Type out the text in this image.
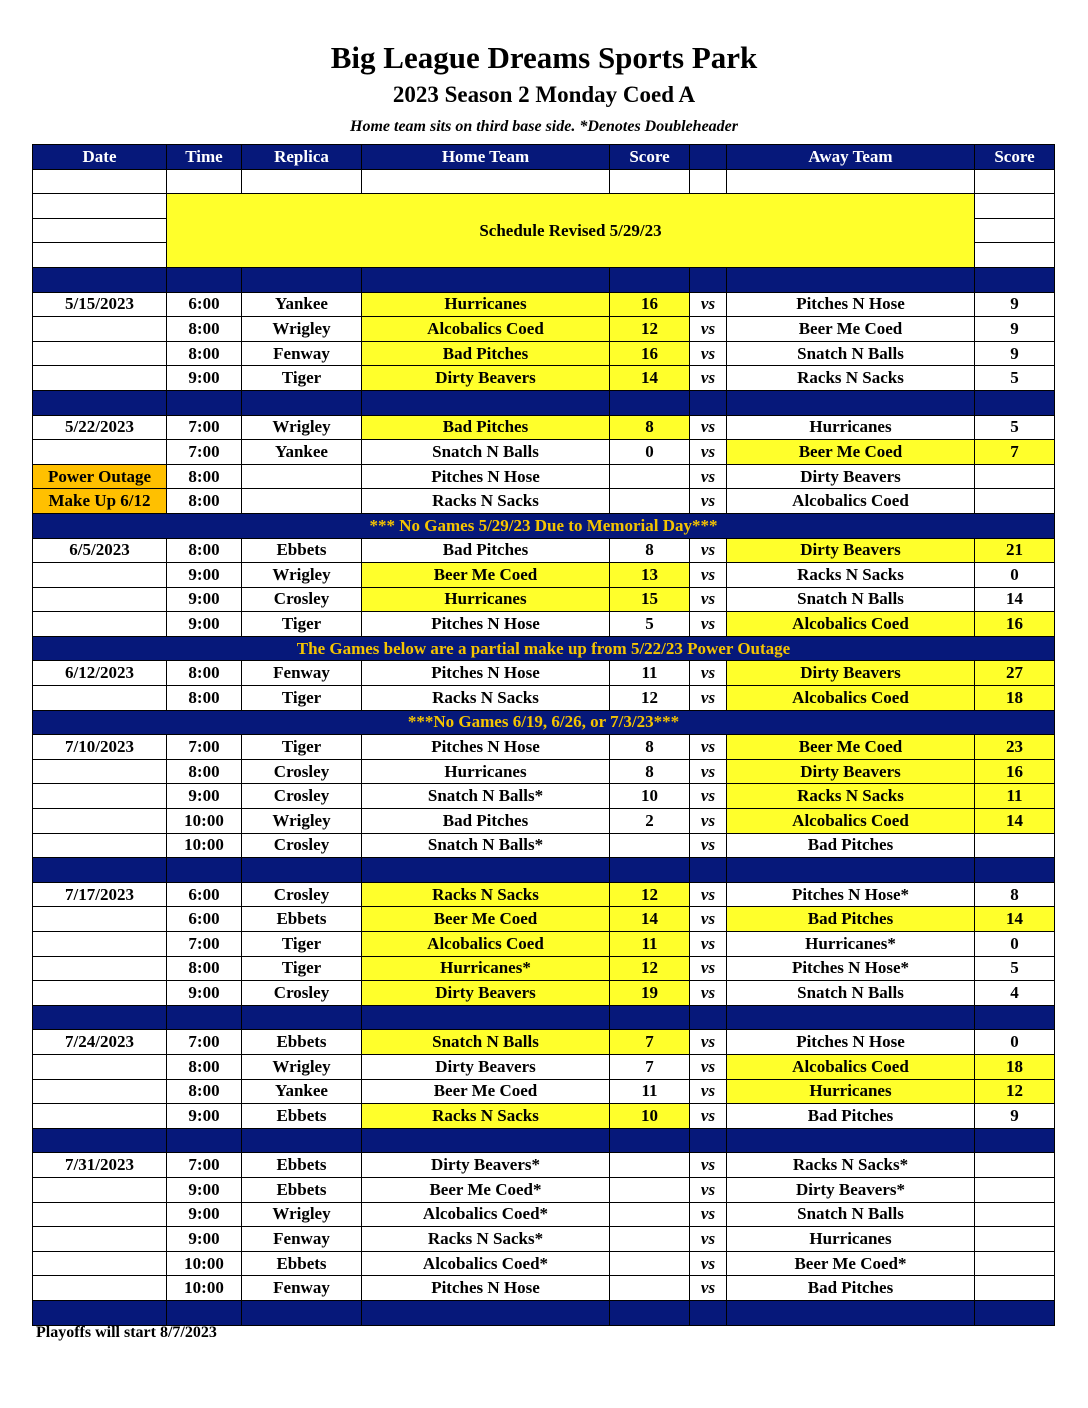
Big League Dreams Sports Park
2023 Season 2 Monday Coed A
Home team sits on third base side. *Denotes Doubleheader
Date	Time	Replica	Home Team	Score		Away Team	Score

	Schedule Revised 5/29/23						

5/15/2023	6:00	Yankee	Hurricanes	16	vs	Pitches N Hose	9
	8:00	Wrigley	Alcobalics Coed	12	vs	Beer Me Coed	9
	8:00	Fenway	Bad Pitches	16	vs	Snatch N Balls	9
	9:00	Tiger	Dirty Beavers	14	vs	Racks N Sacks	5

5/22/2023	7:00	Wrigley	Bad Pitches	8	vs	Hurricanes	5
	7:00	Yankee	Snatch N Balls	0	vs	Beer Me Coed	7
Power Outage	8:00		Pitches N Hose		vs	Dirty Beavers	
Make Up 6/12	8:00		Racks N Sacks		vs	Alcobalics Coed	
*** No Games 5/29/23 Due to Memorial Day***							
6/5/2023	8:00	Ebbets	Bad Pitches	8	vs	Dirty Beavers	21
	9:00	Wrigley	Beer Me Coed	13	vs	Racks N Sacks	0
	9:00	Crosley	Hurricanes	15	vs	Snatch N Balls	14
	9:00	Tiger	Pitches N Hose	5	vs	Alcobalics Coed	16
The Games below are a partial make up from 5/22/23 Power Outage							
6/12/2023	8:00	Fenway	Pitches N Hose	11	vs	Dirty Beavers	27
	8:00	Tiger	Racks N Sacks	12	vs	Alcobalics Coed	18
***No Games 6/19, 6/26, or 7/3/23***							
7/10/2023	7:00	Tiger	Pitches N Hose	8	vs	Beer Me Coed	23
	8:00	Crosley	Hurricanes	8	vs	Dirty Beavers	16
	9:00	Crosley	Snatch N Balls*	10	vs	Racks N Sacks	11
	10:00	Wrigley	Bad Pitches	2	vs	Alcobalics Coed	14
	10:00	Crosley	Snatch N Balls*		vs	Bad Pitches	

7/17/2023	6:00	Crosley	Racks N Sacks	12	vs	Pitches N Hose*	8
	6:00	Ebbets	Beer Me Coed	14	vs	Bad Pitches	14
	7:00	Tiger	Alcobalics Coed	11	vs	Hurricanes*	0
	8:00	Tiger	Hurricanes*	12	vs	Pitches N Hose*	5
	9:00	Crosley	Dirty Beavers	19	vs	Snatch N Balls	4

7/24/2023	7:00	Ebbets	Snatch N Balls	7	vs	Pitches N Hose	0
	8:00	Wrigley	Dirty Beavers	7	vs	Alcobalics Coed	18
	8:00	Yankee	Beer Me Coed	11	vs	Hurricanes	12
	9:00	Ebbets	Racks N Sacks	10	vs	Bad Pitches	9

7/31/2023	7:00	Ebbets	Dirty Beavers*		vs	Racks N Sacks*	
	9:00	Ebbets	Beer Me Coed*		vs	Dirty Beavers*	
	9:00	Wrigley	Alcobalics Coed*		vs	Snatch N Balls	
	9:00	Fenway	Racks N Sacks*		vs	Hurricanes	
	10:00	Ebbets	Alcobalics Coed*		vs	Beer Me Coed*	
	10:00	Fenway	Pitches N Hose		vs	Bad Pitches	

Playoffs will start 8/7/2023
